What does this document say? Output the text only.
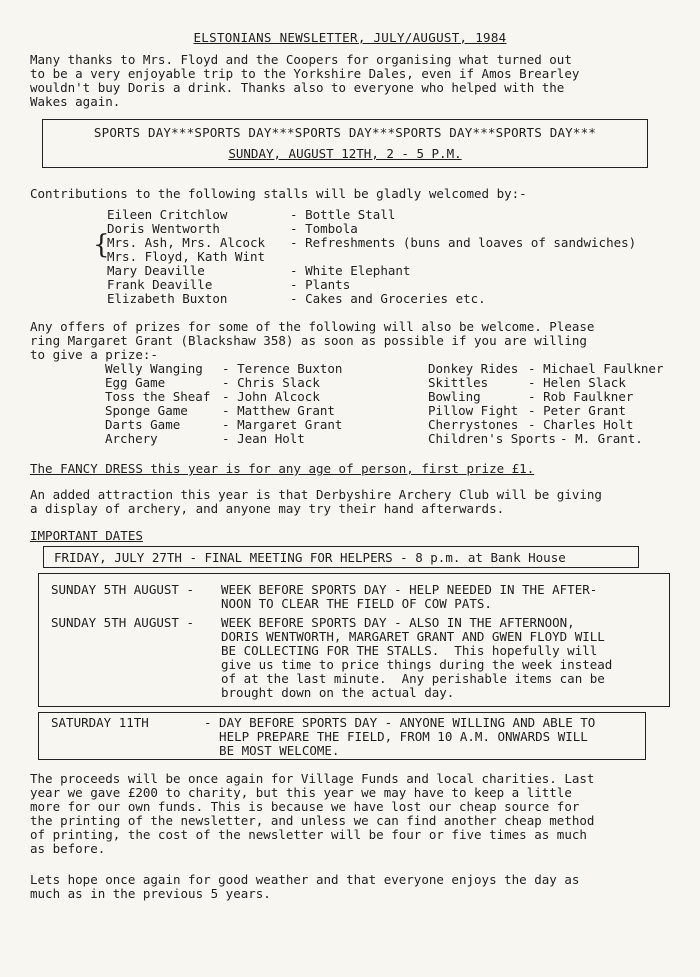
ELSTONIANS NEWSLETTER, JULY/AUGUST, 1984
Many thanks to Mrs. Floyd and the Coopers for organising what turned out
to be a very enjoyable trip to the Yorkshire Dales, even if Amos Brearley
wouldn't buy Doris a drink. Thanks also to everyone who helped with the
Wakes again.
SPORTS DAY***SPORTS DAY***SPORTS DAY***SPORTS DAY***SPORTS DAY***
SUNDAY, AUGUST 12TH, 2 - 5 P.M.
Contributions to the following stalls will be gladly welcomed by:-
Eileen Critchlow	- Bottle Stall
Doris Wentworth	- Tombola
{
Mrs. Ash, Mrs. Alcock - Refreshments (buns and loaves of sandwiches)
Mrs. Floyd, Kath Wint
Mary Deaville	- White Elephant
Frank Deaville	- Plants
Elizabeth Buxton	- Cakes and Groceries etc.
Any offers of prizes for some of the following will also be welcome. Please
ring Margaret Grant (Blackshaw 358) as soon as possible if you are willing
to give a prize:-
Welly Wanging - Terence Buxton
Egg Game	- Chris Slack
Toss the Sheaf - John Alcock
Sponge Game	- Matthew Grant
Darts Game	- Margaret Grant
Archery	- Jean Holt
Donkey Rides - Michael Faulkner
Skittles	- Helen Slack
Bowling	- Rob Faulkner
Pillow Fight - Peter Grant
Cherrystones - Charles Holt
Children's Sports - M. Grant.
The FANCY DRESS this year is for any age of person, first prize £1.
An added attraction this year is that Derbyshire Archery Club will be giving
a display of archery, and anyone may try their hand afterwards.
IMPORTANT DATES
FRIDAY, JULY 27TH - FINAL MEETING FOR HELPERS - 8 p.m. at Bank House
SUNDAY 5TH AUGUST - WEEK BEFORE SPORTS DAY - HELP NEEDED IN THE AFTER-
NOON TO CLEAR THE FIELD OF COW PATS.
SUNDAY 5TH AUGUST - WEEK BEFORE SPORTS DAY - ALSO IN THE AFTERNOON,
DORIS WENTWORTH, MARGARET GRANT AND GWEN FLOYD WILL
BE COLLECTING FOR THE STALLS.  This hopefully will
give us time to price things during the week instead
of at the last minute.  Any perishable items can be
brought down on the actual day.
SATURDAY 11TH	- DAY BEFORE SPORTS DAY - ANYONE WILLING AND ABLE TO
HELP PREPARE THE FIELD, FROM 10 A.M. ONWARDS WILL
BE MOST WELCOME.
The proceeds will be once again for Village Funds and local charities. Last
year we gave £200 to charity, but this year we may have to keep a little
more for our own funds. This is because we have lost our cheap source for
the printing of the newsletter, and unless we can find another cheap method
of printing, the cost of the newsletter will be four or five times as much
as before.
Lets hope once again for good weather and that everyone enjoys the day as
much as in the previous 5 years.
